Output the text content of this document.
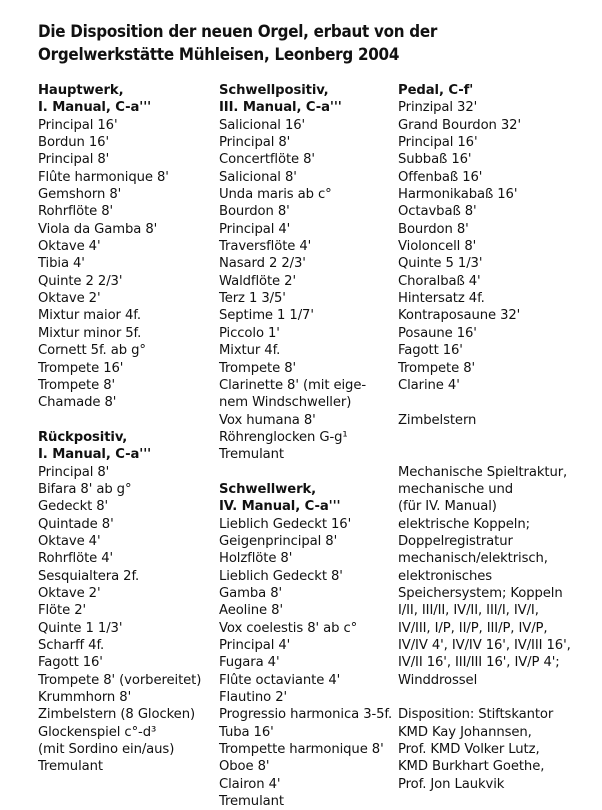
Die Disposition der neuen Orgel, erbaut von der
Orgelwerkstätte Mühleisen, Leonberg 2004
Hauptwerk,
I. Manual, C-a'''
Principal 16'
Bordun 16'
Principal 8'
Flûte harmonique 8'
Gemshorn 8'
Rohrflöte 8'
Viola da Gamba 8'
Oktave 4'
Tibia 4'
Quinte 2 2/3'
Oktave 2'
Mixtur maior 4f.
Mixtur minor 5f.
Cornett 5f. ab g°
Trompete 16'
Trompete 8'
Chamade 8'
Rückpositiv,
I. Manual, C-a'''
Principal 8'
Bifara 8' ab g°
Gedeckt 8'
Quintade 8'
Oktave 4'
Rohrflöte 4'
Sesquialtera 2f.
Oktave 2'
Flöte 2'
Quinte 1 1/3'
Scharff 4f.
Fagott 16'
Trompete 8' (vorbereitet)
Krummhorn 8'
Zimbelstern (8 Glocken)
Glockenspiel c°-d³
(mit Sordino ein/aus)
Tremulant
Schwellpositiv,
III. Manual, C-a'''
Salicional 16'
Principal 8'
Concertflöte 8'
Salicional 8'
Unda maris ab c°
Bourdon 8'
Principal 4'
Traversflöte 4'
Nasard 2 2/3'
Waldflöte 2'
Terz 1 3/5'
Septime 1 1/7'
Piccolo 1'
Mixtur 4f.
Trompete 8'
Clarinette 8' (mit eige-
nem Windschweller)
Vox humana 8'
Röhrenglocken G-g¹
Tremulant
Schwellwerk,
IV. Manual, C-a'''
Lieblich Gedeckt 16'
Geigenprincipal 8'
Holzflöte 8'
Lieblich Gedeckt 8'
Gamba 8'
Aeoline 8'
Vox coelestis 8' ab c°
Principal 4'
Fugara 4'
Flûte octaviante 4'
Flautino 2'
Progressio harmonica 3-5f.
Tuba 16'
Trompette harmonique 8'
Oboe 8'
Clairon 4'
Tremulant
Pedal, C-f'
Prinzipal 32'
Grand Bourdon 32'
Principal 16'
Subbaß 16'
Offenbaß 16'
Harmonikabaß 16'
Octavbaß 8'
Bourdon 8'
Violoncell 8'
Quinte 5 1/3'
Choralbaß 4'
Hintersatz 4f.
Kontraposaune 32'
Posaune 16'
Fagott 16'
Trompete 8'
Clarine 4'
Zimbelstern
Mechanische Spieltraktur,
mechanische und
(für IV. Manual)
elektrische Koppeln;
Doppelregistratur
mechanisch/elektrisch,
elektronisches
Speichersystem; Koppeln
I/II, III/II, IV/II, III/I, IV/I,
IV/III, I/P, II/P, III/P, IV/P,
IV/IV 4', IV/IV 16', IV/III 16',
IV/II 16', III/III 16', IV/P 4';
Winddrossel
Disposition: Stiftskantor
KMD Kay Johannsen,
Prof. KMD Volker Lutz,
KMD Burkhart Goethe,
Prof. Jon Laukvik
